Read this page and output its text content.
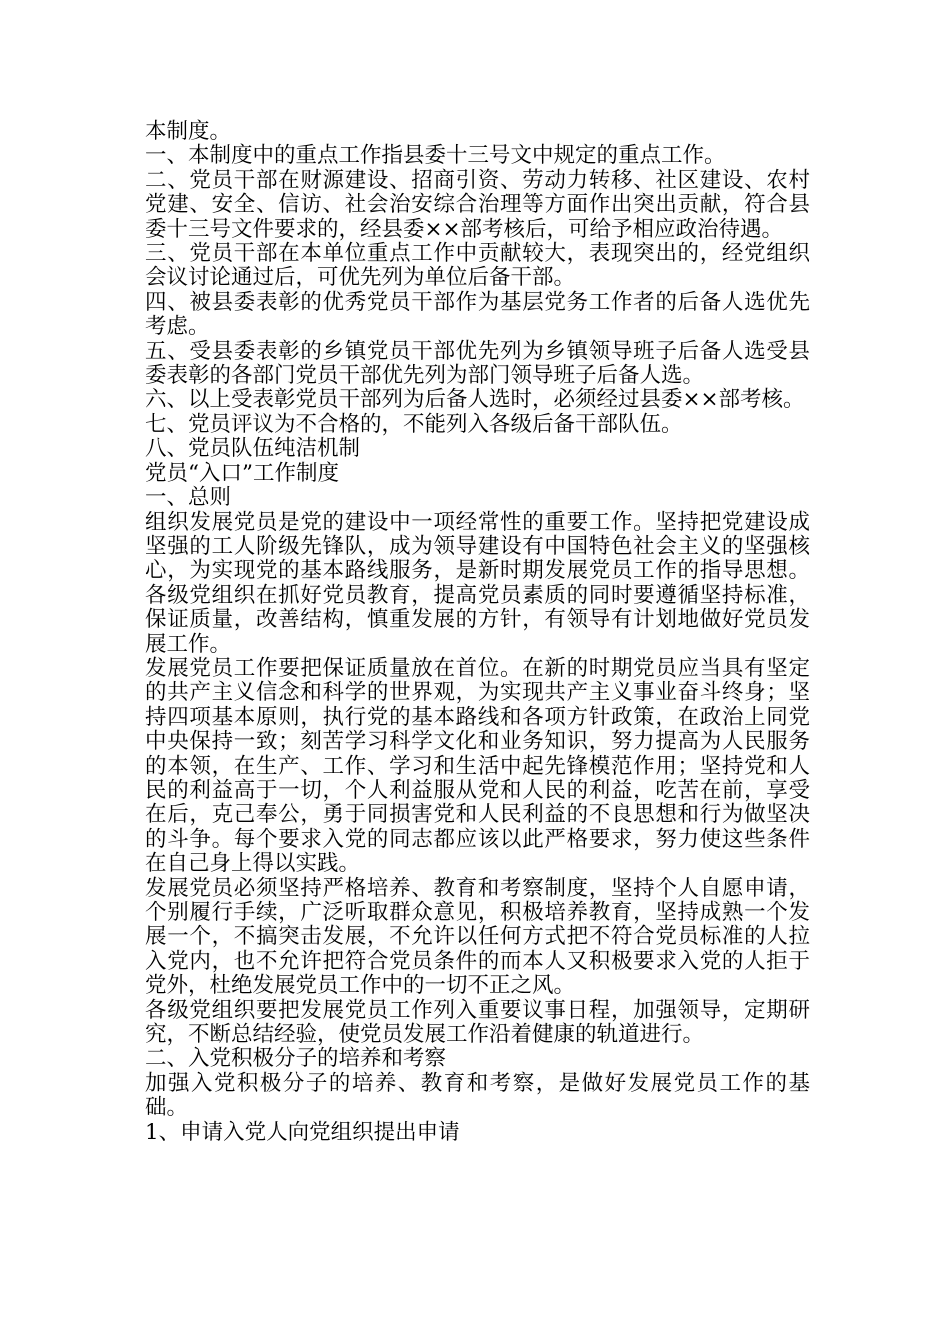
本制度。

一、本制度中的重点工作指县委十三号文中规定的重点工作。

二、党员干部在财源建设、招商引资、劳动力转移、社区建设、农村党建、安全、信访、社会治安综合治理等方面作出突出贡献，符合县委十三号文件要求的，经县委××部考核后，可给予相应政治待遇。

三、党员干部在本单位重点工作中贡献较大，表现突出的，经党组织会议讨论通过后，可优先列为单位后备干部。

四、被县委表彰的优秀党员干部作为基层党务工作者的后备人选优先考虑。

五、受县委表彰的乡镇党员干部优先列为乡镇领导班子后备人选受县委表彰的各部门党员干部优先列为部门领导班子后备人选。

六、以上受表彰党员干部列为后备人选时，必须经过县委××部考核。

七、党员评议为不合格的，不能列入各级后备干部队伍。

八、党员队伍纯洁机制

党员“入口”工作制度

一、总则

组织发展党员是党的建设中一项经常性的重要工作。坚持把党建设成坚强的工人阶级先锋队，成为领导建设有中国特色社会主义的坚强核心，为实现党的基本路线服务，是新时期发展党员工作的指导思想。各级党组织在抓好党员教育，提高党员素质的同时要遵循坚持标准，保证质量，改善结构，慎重发展的方针，有领导有计划地做好党员发展工作。

发展党员工作要把保证质量放在首位。在新的时期党员应当具有坚定的共产主义信念和科学的世界观，为实现共产主义事业奋斗终身；坚持四项基本原则，执行党的基本路线和各项方针政策，在政治上同党中央保持一致；刻苦学习科学文化和业务知识，努力提高为人民服务的本领，在生产、工作、学习和生活中起先锋模范作用；坚持党和人民的利益高于一切，个人利益服从党和人民的利益，吃苦在前，享受在后，克己奉公，勇于同损害党和人民利益的不良思想和行为做坚决的斗争。每个要求入党的同志都应该以此严格要求，努力使这些条件在自己身上得以实践。

发展党员必须坚持严格培养、教育和考察制度，坚持个人自愿申请，个别履行手续，广泛听取群众意见，积极培养教育，坚持成熟一个发展一个，不搞突击发展，不允许以任何方式把不符合党员标准的人拉入党内，也不允许把符合党员条件的而本人又积极要求入党的人拒于党外，杜绝发展党员工作中的一切不正之风。

各级党组织要把发展党员工作列入重要议事日程，加强领导，定期研究，不断总结经验，使党员发展工作沿着健康的轨道进行。

二、入党积极分子的培养和考察

加强入党积极分子的培养、教育和考察，是做好发展党员工作的基础。

1、申请入党人向党组织提出申请
